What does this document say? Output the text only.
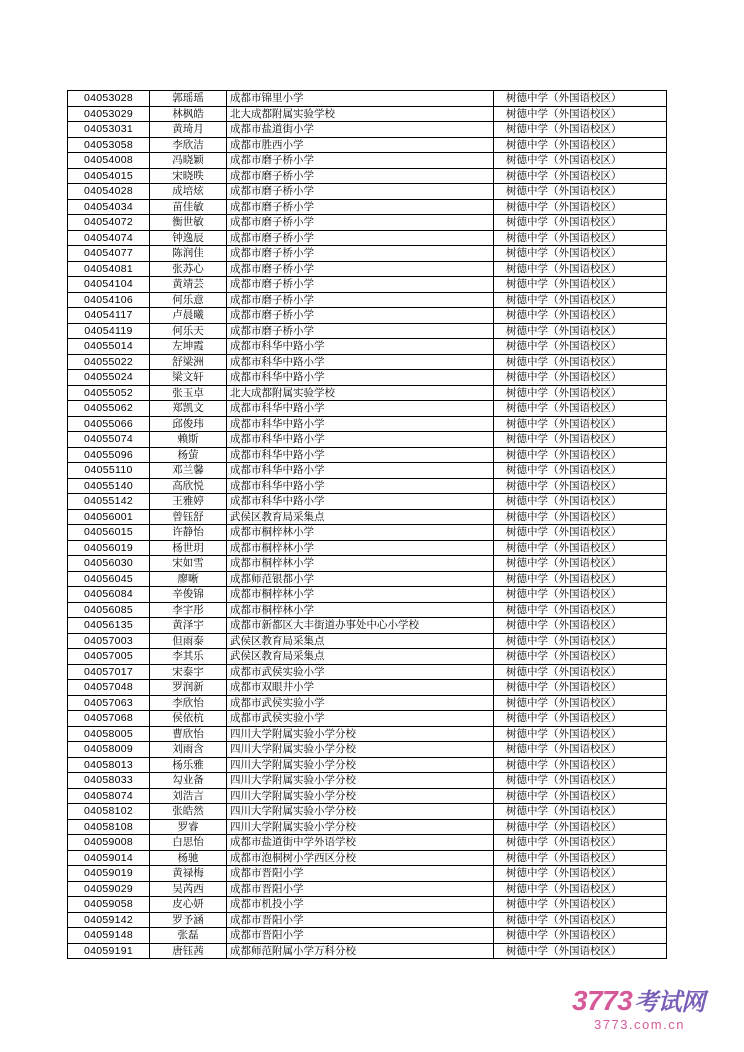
04053028	郭瑶瑶	成都市锦里小学	树德中学（外国语校区）
04053029	林枫皓	北大成都附属实验学校	树德中学（外国语校区）
04053031	黄琦月	成都市盐道街小学	树德中学（外国语校区）
04053058	李欣洁	成都市胜西小学	树德中学（外国语校区）
04054008	冯晓颖	成都市磨子桥小学	树德中学（外国语校区）
04054015	宋晓昳	成都市磨子桥小学	树德中学（外国语校区）
04054028	成培炫	成都市磨子桥小学	树德中学（外国语校区）
04054034	苗佳敏	成都市磨子桥小学	树德中学（外国语校区）
04054072	衡世敏	成都市磨子桥小学	树德中学（外国语校区）
04054074	钟逸辰	成都市磨子桥小学	树德中学（外国语校区）
04054077	陈润佳	成都市磨子桥小学	树德中学（外国语校区）
04054081	张苏心	成都市磨子桥小学	树德中学（外国语校区）
04054104	黄靖芸	成都市磨子桥小学	树德中学（外国语校区）
04054106	何乐意	成都市磨子桥小学	树德中学（外国语校区）
04054117	卢晨曦	成都市磨子桥小学	树德中学（外国语校区）
04054119	何乐天	成都市磨子桥小学	树德中学（外国语校区）
04055014	左坤霞	成都市科华中路小学	树德中学（外国语校区）
04055022	舒梁洲	成都市科华中路小学	树德中学（外国语校区）
04055024	梁文轩	成都市科华中路小学	树德中学（外国语校区）
04055052	张玉卓	北大成都附属实验学校	树德中学（外国语校区）
04055062	郑凯文	成都市科华中路小学	树德中学（外国语校区）
04055066	邱俊玮	成都市科华中路小学	树德中学（外国语校区）
04055074	赖斯	成都市科华中路小学	树德中学（外国语校区）
04055096	杨萤	成都市科华中路小学	树德中学（外国语校区）
04055110	邓兰馨	成都市科华中路小学	树德中学（外国语校区）
04055140	高欣悦	成都市科华中路小学	树德中学（外国语校区）
04055142	王雅婷	成都市科华中路小学	树德中学（外国语校区）
04056001	曾钰舒	武侯区教育局采集点	树德中学（外国语校区）
04056015	许静怡	成都市桐梓林小学	树德中学（外国语校区）
04056019	杨世玥	成都市桐梓林小学	树德中学（外国语校区）
04056030	宋如雪	成都市桐梓林小学	树德中学（外国语校区）
04056045	廖晰	成都师范银都小学	树德中学（外国语校区）
04056084	辛俊锦	成都市桐梓林小学	树德中学（外国语校区）
04056085	李宇彤	成都市桐梓林小学	树德中学（外国语校区）
04056135	黄泽宇	成都市新都区大丰街道办事处中心小学校	树德中学（外国语校区）
04057003	但雨泰	武侯区教育局采集点	树德中学（外国语校区）
04057005	李其乐	武侯区教育局采集点	树德中学（外国语校区）
04057017	宋泰宇	成都市武侯实验小学	树德中学（外国语校区）
04057048	罗润新	成都市双眼井小学	树德中学（外国语校区）
04057063	李欣怡	成都市武侯实验小学	树德中学（外国语校区）
04057068	侯依杭	成都市武侯实验小学	树德中学（外国语校区）
04058005	曹欣怡	四川大学附属实验小学分校	树德中学（外国语校区）
04058009	刘雨含	四川大学附属实验小学分校	树德中学（外国语校区）
04058013	杨乐雅	四川大学附属实验小学分校	树德中学（外国语校区）
04058033	勾业备	四川大学附属实验小学分校	树德中学（外国语校区）
04058074	刘浩言	四川大学附属实验小学分校	树德中学（外国语校区）
04058102	张皓然	四川大学附属实验小学分校	树德中学（外国语校区）
04058108	罗睿	四川大学附属实验小学分校	树德中学（外国语校区）
04059008	白思怡	成都市盐道街中学外语学校	树德中学（外国语校区）
04059014	杨驰	成都市泡桐树小学西区分校	树德中学（外国语校区）
04059019	黄禄梅	成都市晋阳小学	树德中学（外国语校区）
04059029	吴芮西	成都市晋阳小学	树德中学（外国语校区）
04059058	皮心妍	成都市机投小学	树德中学（外国语校区）
04059142	罗予涵	成都市晋阳小学	树德中学（外国语校区）
04059148	张磊	成都市晋阳小学	树德中学（外国语校区）
04059191	唐钰茜	成都师范附属小学万科分校	树德中学（外国语校区）
3773考试网
3773.com.cn
